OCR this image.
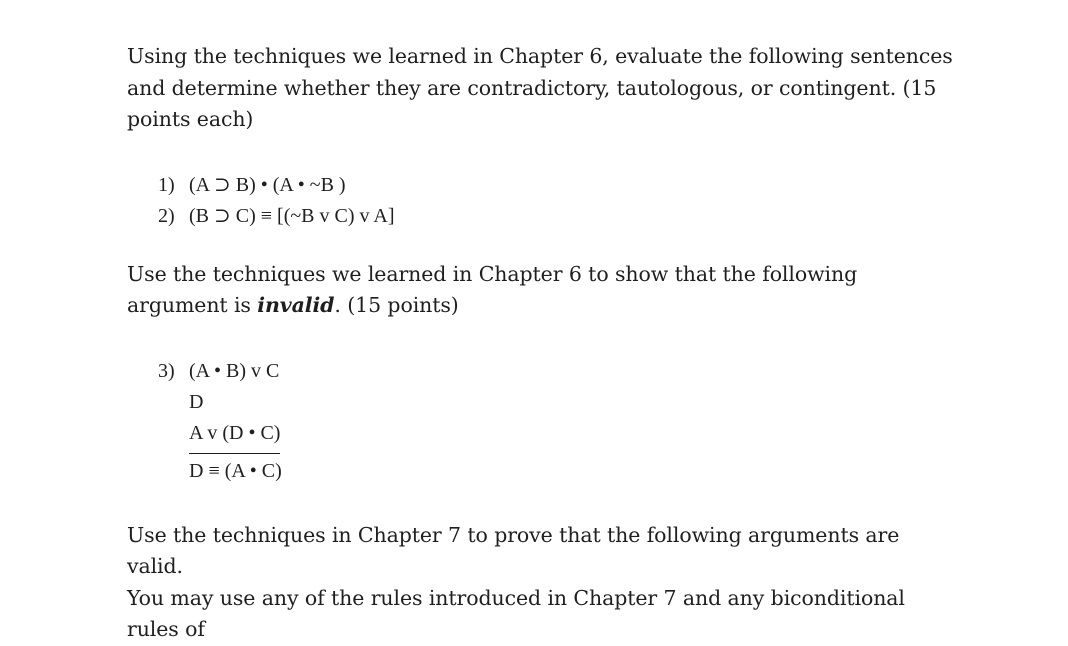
Using the techniques we learned in Chapter 6, evaluate the following sentences and determine whether they are contradictory, tautologous, or contingent. (15 points each)

1) (A ⊃ B) • (A • ~B )
2) (B ⊃ C) ≡ [(~B v C) v A]

Use the techniques we learned in Chapter 6 to show that the following argument is invalid. (15 points)

3) (A • B) v C
D
A v (D • C)
D ≡ (A • C)

Use the techniques in Chapter 7 to prove that the following arguments are valid.
You may use any of the rules introduced in Chapter 7 and any biconditional rules of
